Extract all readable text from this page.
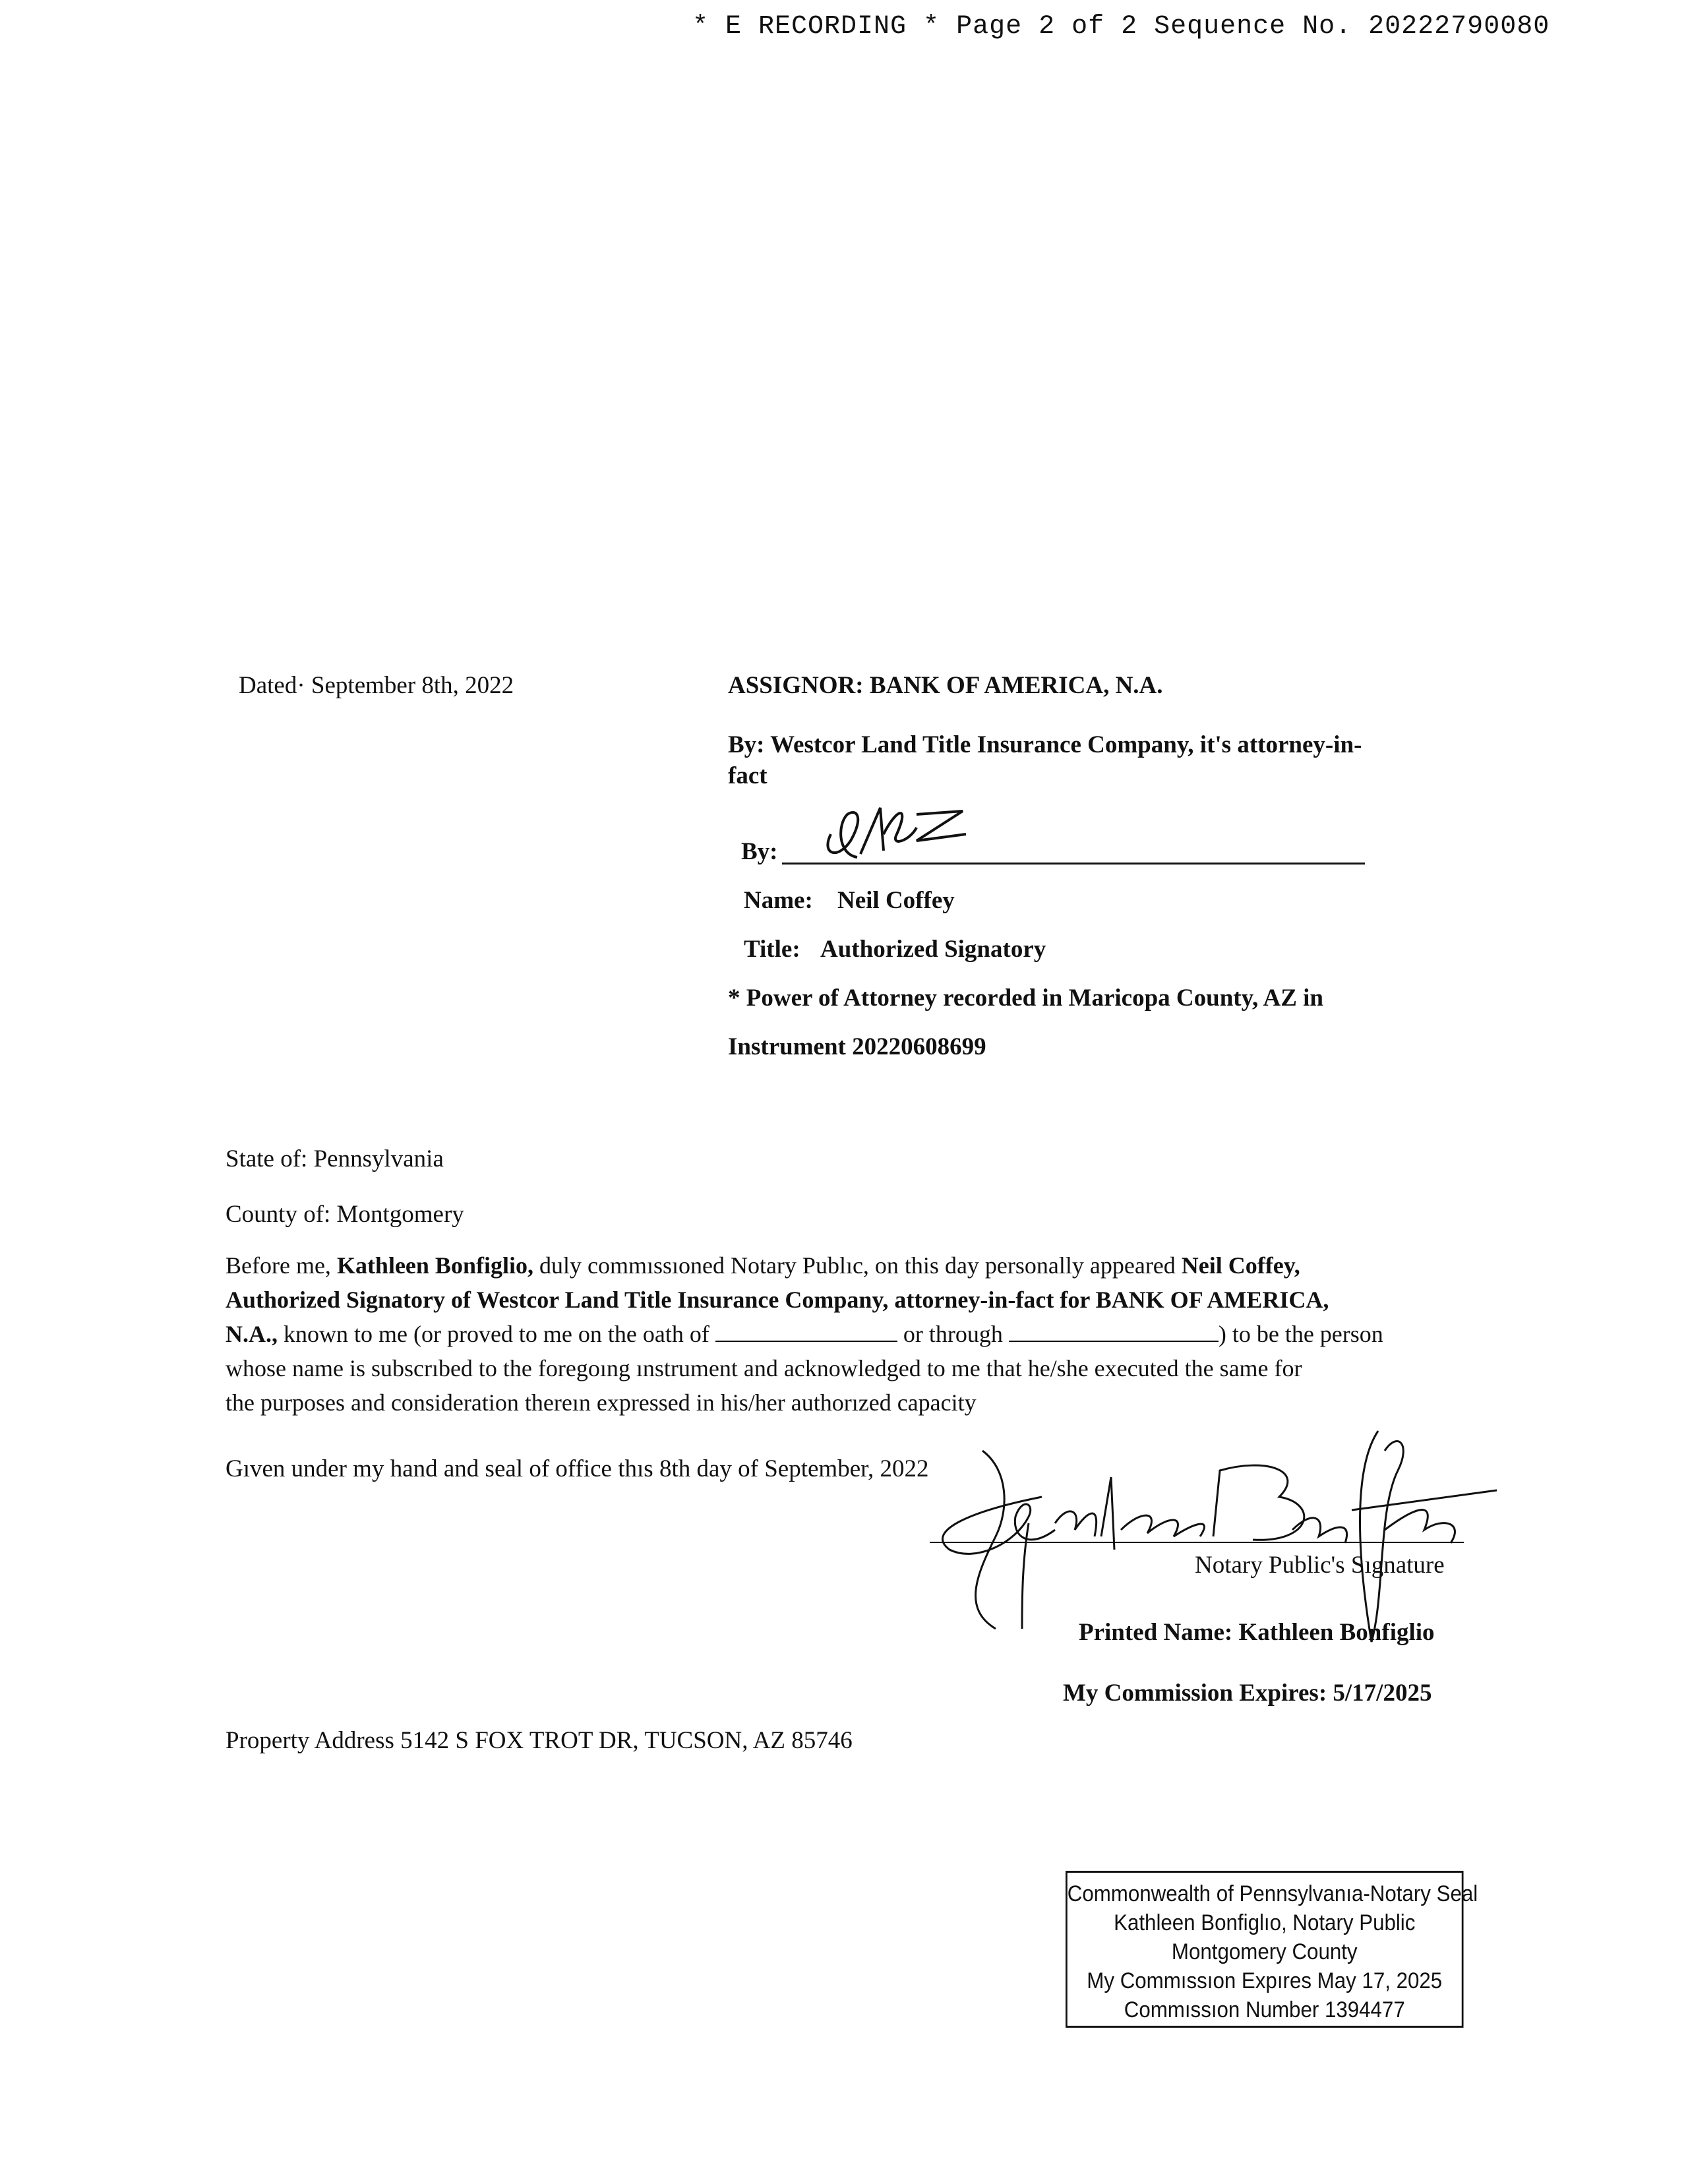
* E RECORDING * Page 2 of 2 Sequence No. 20222790080
Dated· September 8th, 2022	ASSIGNOR: BANK OF AMERICA, N.A.
By: Westcor Land Title Insurance Company, it's attorney-in-
fact
By:
Name: Neil Coffey
Title: Authorized Signatory
* Power of Attorney recorded in Maricopa County, AZ in
Instrument 20220608699
State of: Pennsylvania
County of: Montgomery
Before me, Kathleen Bonfiglio, duly commıssıoned Notary Publıc, on this day personally appeared Neil Coffey,
Authorized Signatory of Westcor Land Title Insurance Company, attorney-in-fact for BANK OF AMERICA,
N.A., known to me (or proved to me on the oath of	or through	) to be the person
whose name is subscrıbed to the foregoıng ınstrument and acknowledged to me that he/she executed the same for
the purposes and consideration thereın expressed in his/her authorızed capacity
Gıven under my hand and seal of office thıs 8th day of September, 2022
Notary Public's Sıgnature
Printed Name: Kathleen Bonfiglio
My Commission Expires: 5/17/2025
Property Address 5142 S FOX TROT DR, TUCSON, AZ 85746
Commonwealth of Pennsylvanıa-Notary Seal
Kathleen Bonfiglıo, Notary Public
Montgomery County
My Commıssıon Expıres May 17, 2025
Commıssıon Number 1394477
